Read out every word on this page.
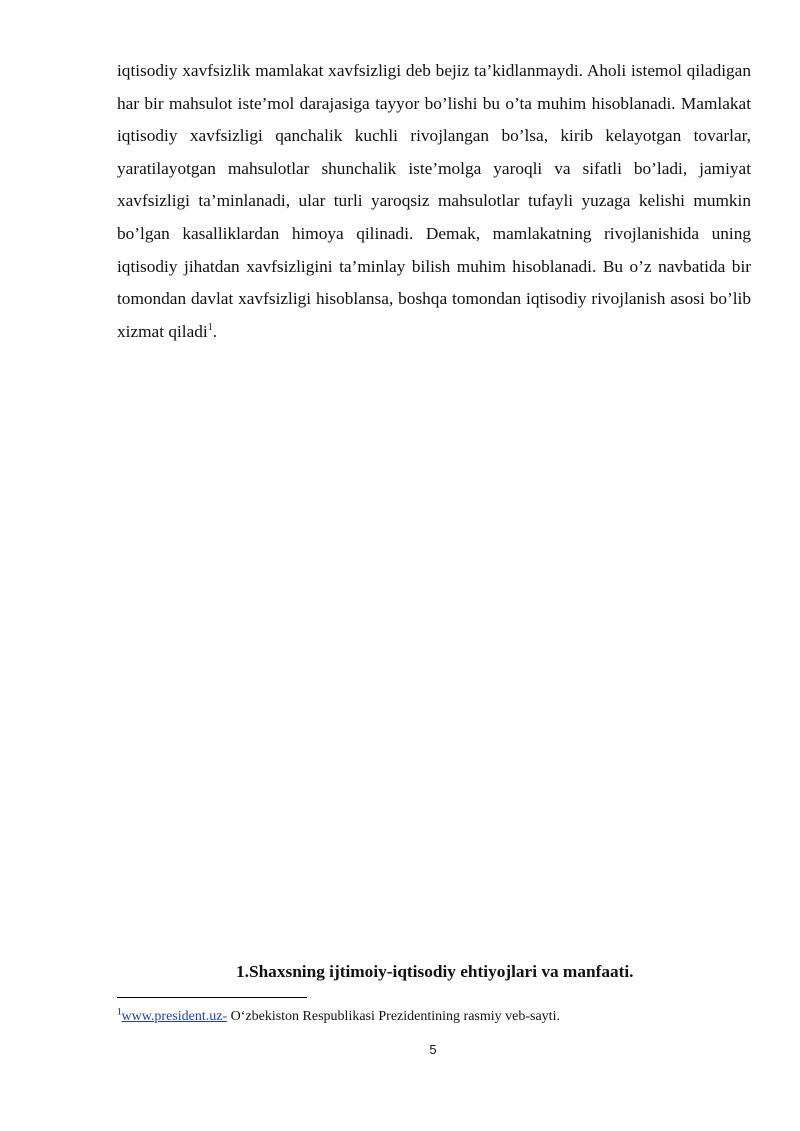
iqtisodiy xavfsizlik mamlakat xavfsizligi deb bejiz ta’kidlanmaydi. Aholi istemol qiladigan har bir mahsulot iste’mol darajasiga tayyor bo’lishi bu o’ta muhim hisoblanadi. Mamlakat iqtisodiy xavfsizligi qanchalik kuchli rivojlangan bo’lsa, kirib kelayotgan tovarlar, yaratilayotgan mahsulotlar shunchalik iste’molga yaroqli va sifatli bo’ladi, jamiyat xavfsizligi ta’minlanadi, ular turli yaroqsiz mahsulotlar tufayli yuzaga kelishi mumkin bo’lgan kasalliklardan himoya qilinadi. Demak, mamlakatning rivojlanishida uning iqtisodiy jihatdan xavfsizligini ta’minlay bilish muhim hisoblanadi. Bu o’z navbatida bir tomondan davlat xavfsizligi hisoblansa, boshqa tomondan iqtisodiy rivojlanish asosi bo’lib xizmat qiladi$^1$.

1.Shaxsning ijtimoiy-iqtisodiy ehtiyojlari va manfaati.

$^1$www.president.uz- O‘zbekiston Respublikasi Prezidentining rasmiy veb-sayti.

5
